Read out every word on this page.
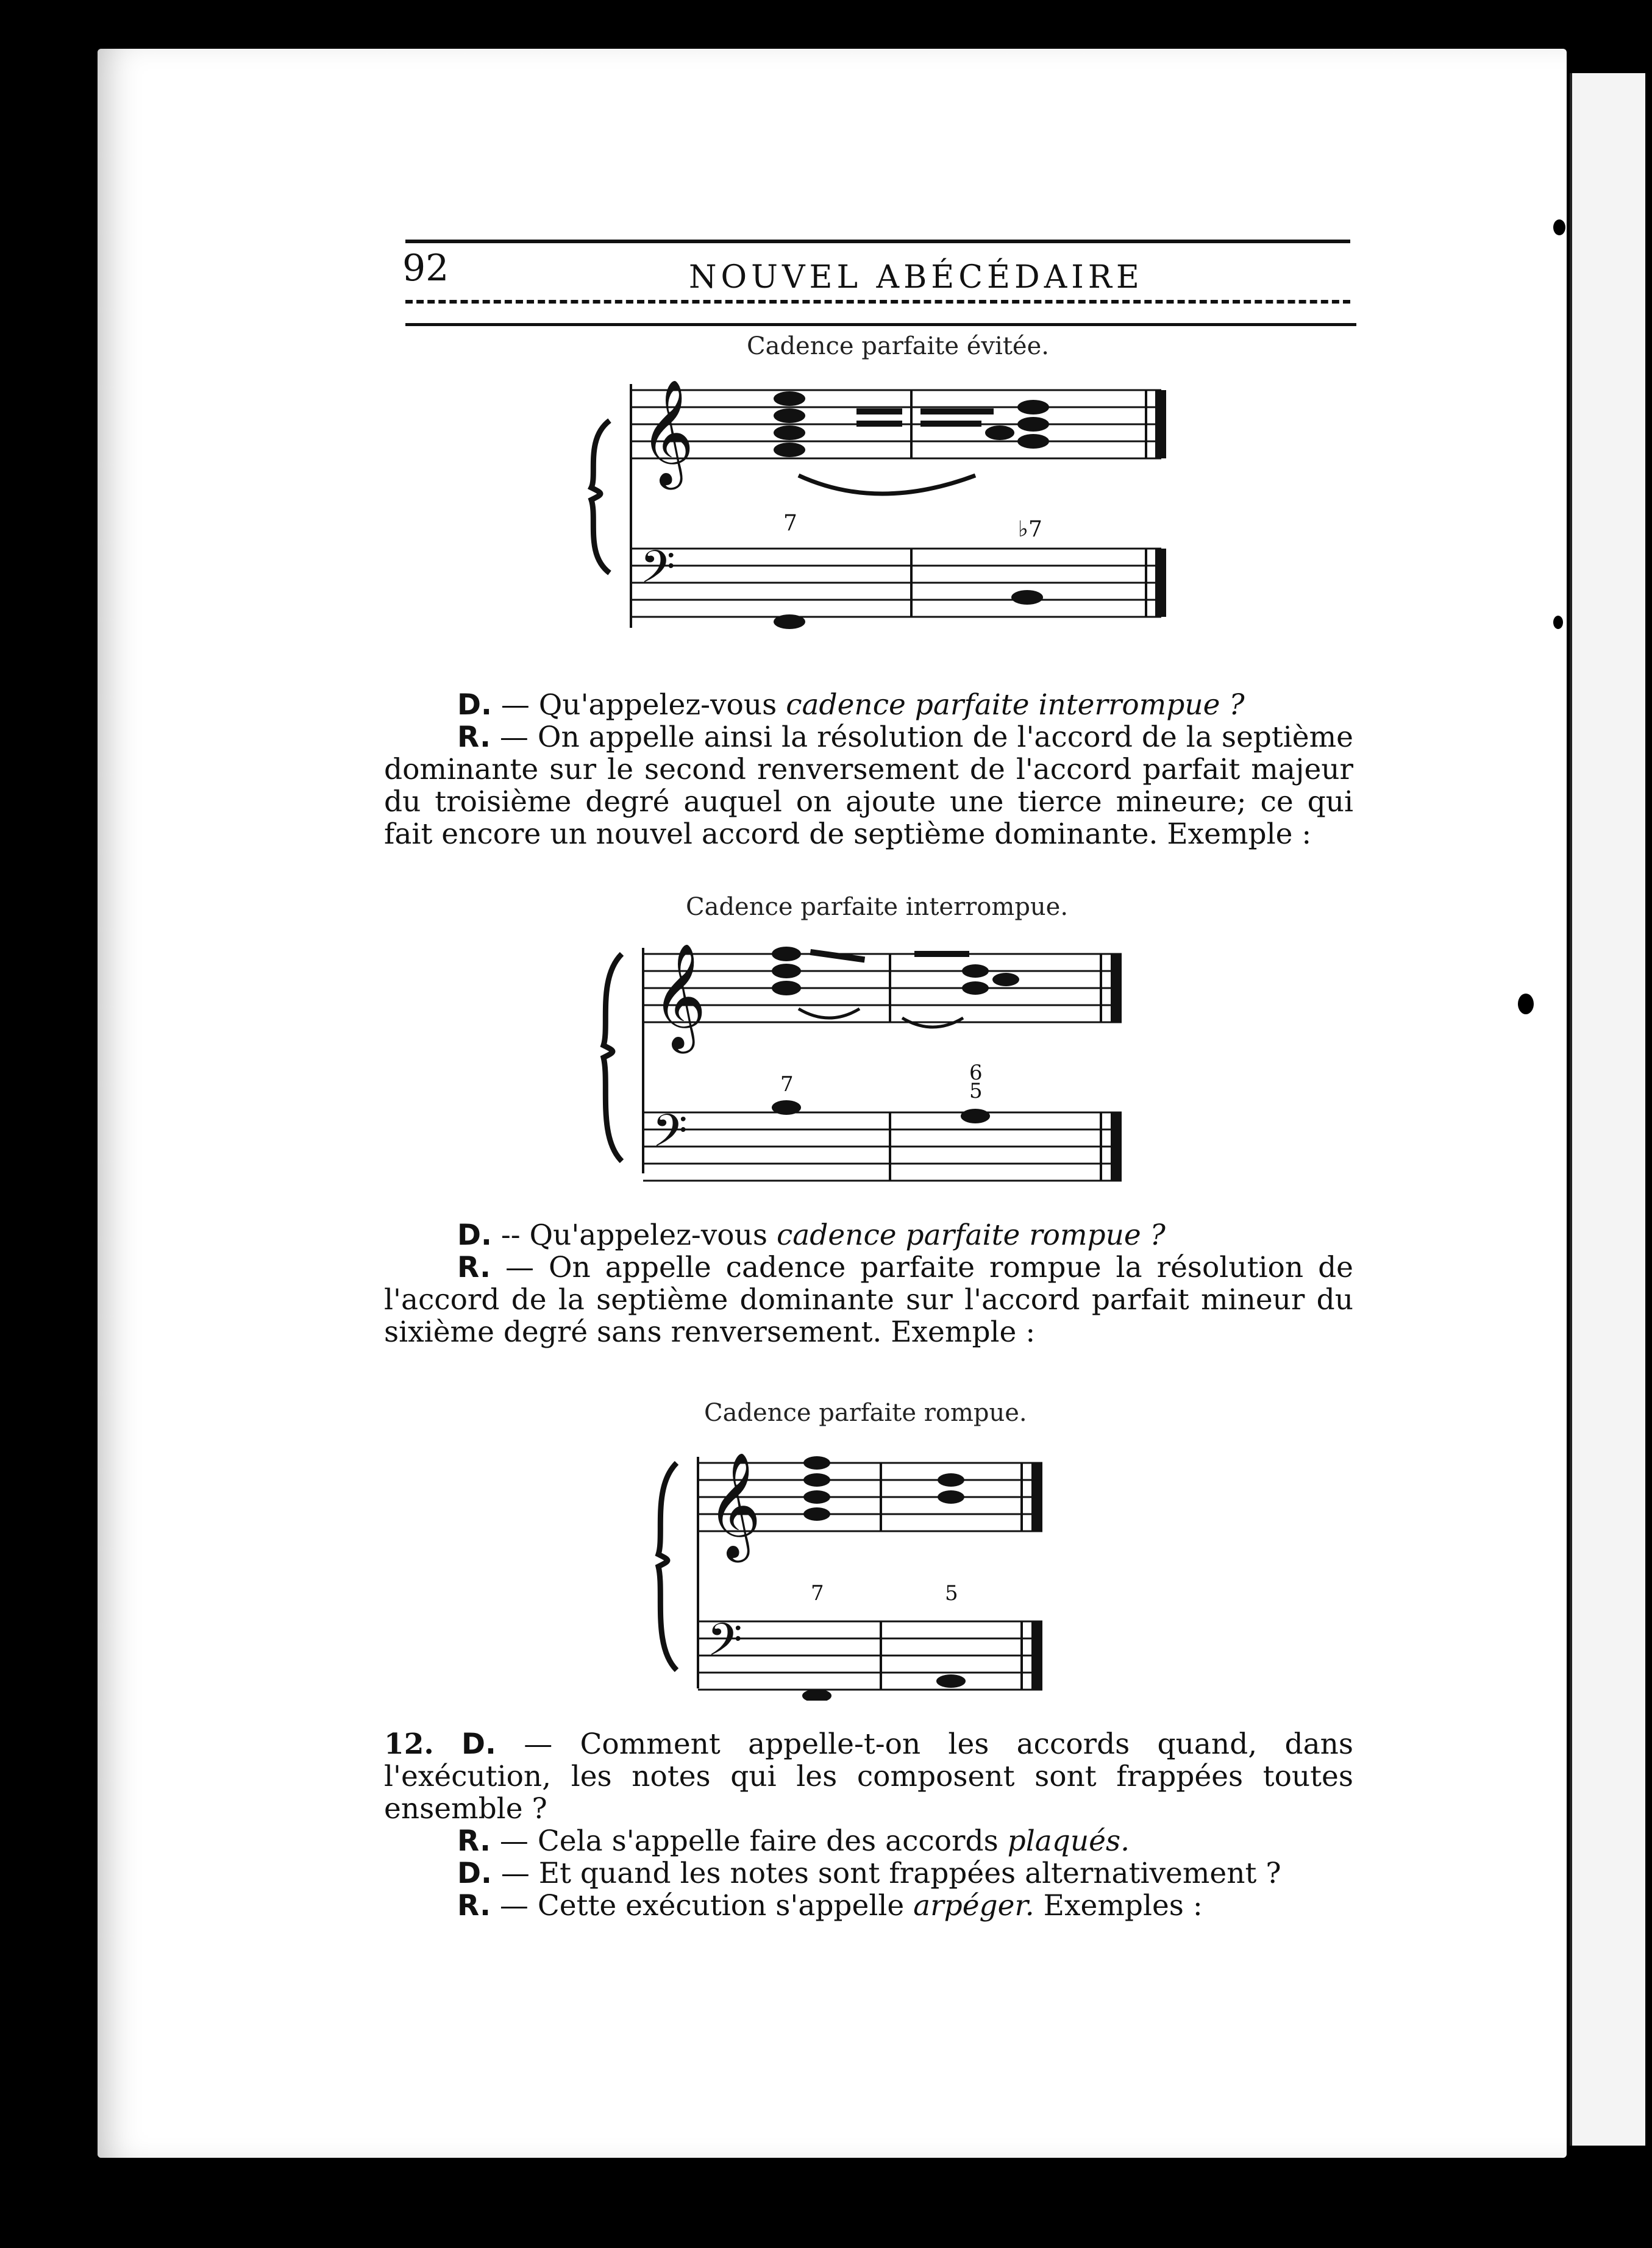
92	NOUVEL ABÉCÉDAIRE
Cadence parfaite évitée.
𝄞
7	♭7
𝄢

D. — Qu'appelez-vous cadence parfaite interrompue ?

R. — On appelle ainsi la résolution de l'accord de la septième dominante sur le second renversement de l'accord parfait majeur du troisième degré auquel on ajoute une tierce mineure; ce qui fait encore un nouvel accord de septième dominante. Exemple :

Cadence parfaite interrompue.
𝄞
7	6
5
𝄢

D. -- Qu'appelez-vous cadence parfaite rompue ?

R. — On appelle cadence parfaite rompue la résolution de l'accord de la septième dominante sur l'accord parfait mineur du sixième degré sans renversement. Exemple :

Cadence parfaite rompue.
𝄞
7	5
𝄢

12. D. — Comment appelle-t-on les accords quand, dans l'exécution, les notes qui les composent sont frappées toutes ensemble ?

R. — Cela s'appelle faire des accords plaqués.

D. — Et quand les notes sont frappées alternativement ?

R. — Cette exécution s'appelle arpéger. Exemples :
